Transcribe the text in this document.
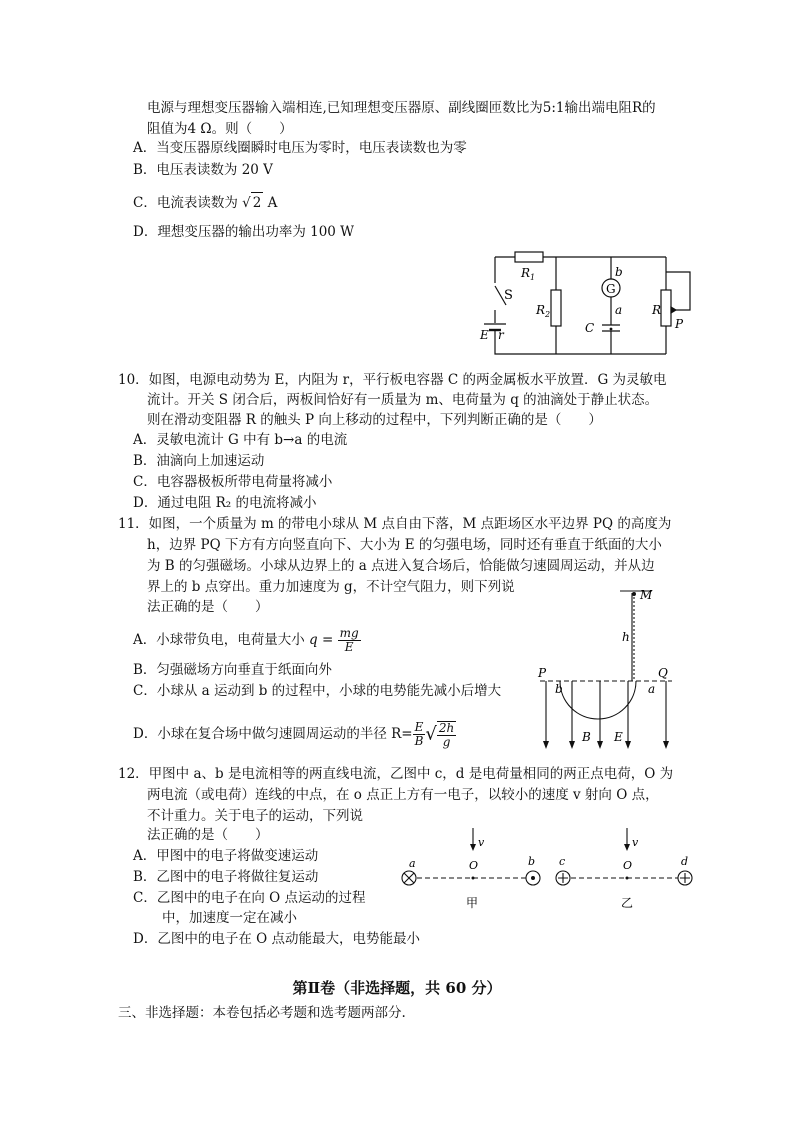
电源与理想变压器输入端相连,已知理想变压器原、副线圈匝数比为5:1输出端电阻R的
阻值为4 Ω。则（　　）
A．当变压器原线圈瞬时电压为零时，电压表读数也为零
B．电压表读数为 20 V
C．电流表读数为 √ 2 A
D．理想变压器的输出功率为 100 W
S
$R_1$
$R_2$
G
b
a
C
R
P
E r
10．如图，电源电动势为 E，内阻为 r，平行板电容器 C 的两金属板水平放置．G 为灵敏电
流计。开关 S 闭合后，两板间恰好有一质量为 m、电荷量为 q 的油滴处于静止状态。
则在滑动变阻器 R 的触头 P 向上移动的过程中，下列判断正确的是（　　）
A．灵敏电流计 G 中有 b→a 的电流
B．油滴向上加速运动
C．电容器极板所带电荷量将减小
D．通过电阻 R₂ 的电流将减小
11．如图，一个质量为 m 的带电小球从 M 点自由下落，M 点距场区水平边界 PQ 的高度为
h，边界 PQ 下方有方向竖直向下、大小为 E 的匀强电场，同时还有垂直于纸面的大小
为 B 的匀强磁场。小球从边界上的 a 点进入复合场后，恰能做匀速圆周运动，并从边
界上的 b 点穿出。重力加速度为 g，不计空气阻力，则下列说
法正确的是（　　）
A．小球带负电，电荷量大小 $q = \frac{mg}{E}$
B．匀强磁场方向垂直于纸面向外
C．小球从 a 运动到 b 的过程中，小球的电势能先减小后增大
D．小球在复合场中做匀速圆周运动的半径 $R= \frac{E}{B}$ √ $\frac{2h}{g}$
M
h
P	Q
b	a
B E
12．甲图中 a、b 是电流相等的两直线电流，乙图中 c，d 是电荷量相同的两正点电荷，O 为
两电流（或电荷）连线的中点，在 o 点正上方有一电子，以较小的速度 v 射向 O 点，
不计重力。关于电子的运动，下列说
法正确的是（　　）
A．甲图中的电子将做变速运动
B．乙图中的电子将做往复运动
C．乙图中的电子在向 O 点运动的过程
中，加速度一定在减小
D．乙图中的电子在 O 点动能最大，电势能最小
v	v
a	O	b c	O	d
甲	乙
第Ⅱ卷（非选择题，共 60 分）
三、非选择题：本卷包括必考题和选考题两部分.
